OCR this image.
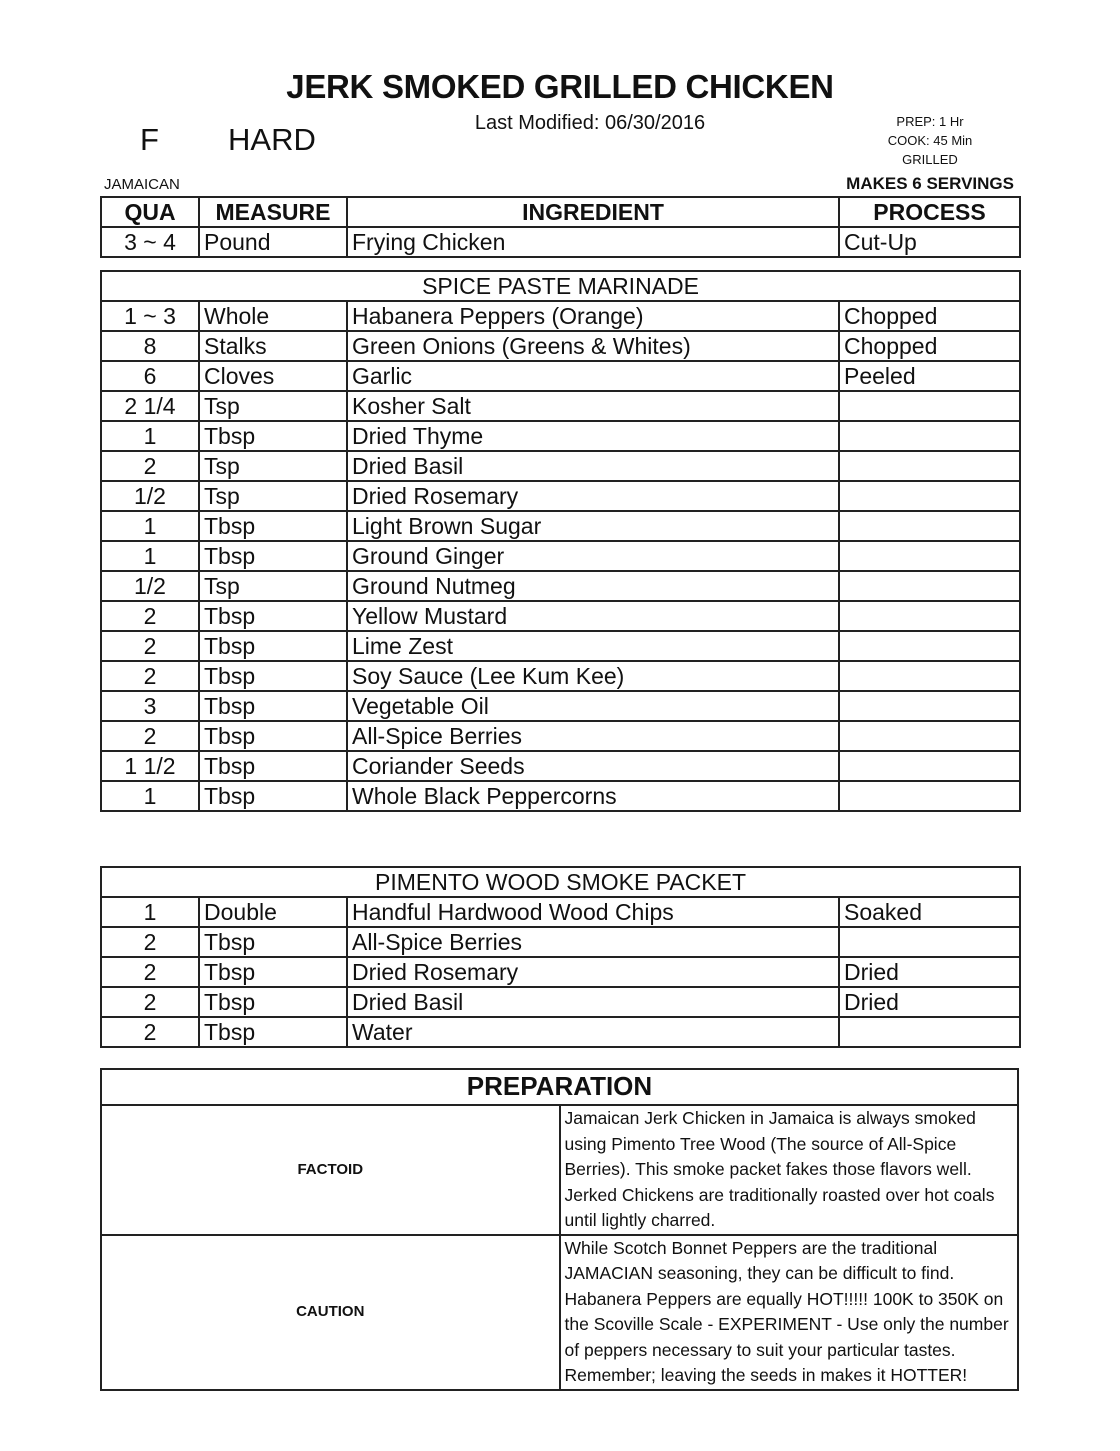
JERK SMOKED GRILLED CHICKEN
Last Modified: 06/30/2016
F HARD
PREP: 1 Hr
COOK: 45 Min
GRILLED
JAMAICAN	MAKES 6 SERVINGS
QUA	MEASURE	INGREDIENT	PROCESS
3 ~ 4	Pound	Frying Chicken	Cut-Up
SPICE PASTE MARINADE			
1 ~ 3	Whole	Habanera Peppers (Orange)	Chopped
8	Stalks	Green Onions (Greens & Whites)	Chopped
6	Cloves	Garlic	Peeled
2 1/4	Tsp	Kosher Salt	
1	Tbsp	Dried Thyme	
2	Tsp	Dried Basil	
1/2	Tsp	Dried Rosemary	
1	Tbsp	Light Brown Sugar	
1	Tbsp	Ground Ginger	
1/2	Tsp	Ground Nutmeg	
2	Tbsp	Yellow Mustard	
2	Tbsp	Lime Zest	
2	Tbsp	Soy Sauce (Lee Kum Kee)	
3	Tbsp	Vegetable Oil	
2	Tbsp	All-Spice Berries	
1 1/2	Tbsp	Coriander Seeds	
1	Tbsp	Whole Black Peppercorns	
PIMENTO WOOD SMOKE PACKET			
1	Double	Handful Hardwood Wood Chips	Soaked
2	Tbsp	All-Spice Berries	
2	Tbsp	Dried Rosemary	Dried
2	Tbsp	Dried Basil	Dried
2	Tbsp	Water	
PREPARATION	
FACTOID	Jamaican Jerk Chicken in Jamaica is always smoked using Pimento Tree Wood (The source of All-Spice Berries). This smoke packet fakes those flavors well. Jerked Chickens are traditionally roasted over hot coals until lightly charred.
CAUTION	While Scotch Bonnet Peppers are the traditional JAMACIAN seasoning, they can be difficult to find. Habanera Peppers are equally HOT!!!!! 100K to 350K on the Scoville Scale - EXPERIMENT - Use only the number of peppers necessary to suit your particular tastes. Remember; leaving the seeds in makes it HOTTER!
